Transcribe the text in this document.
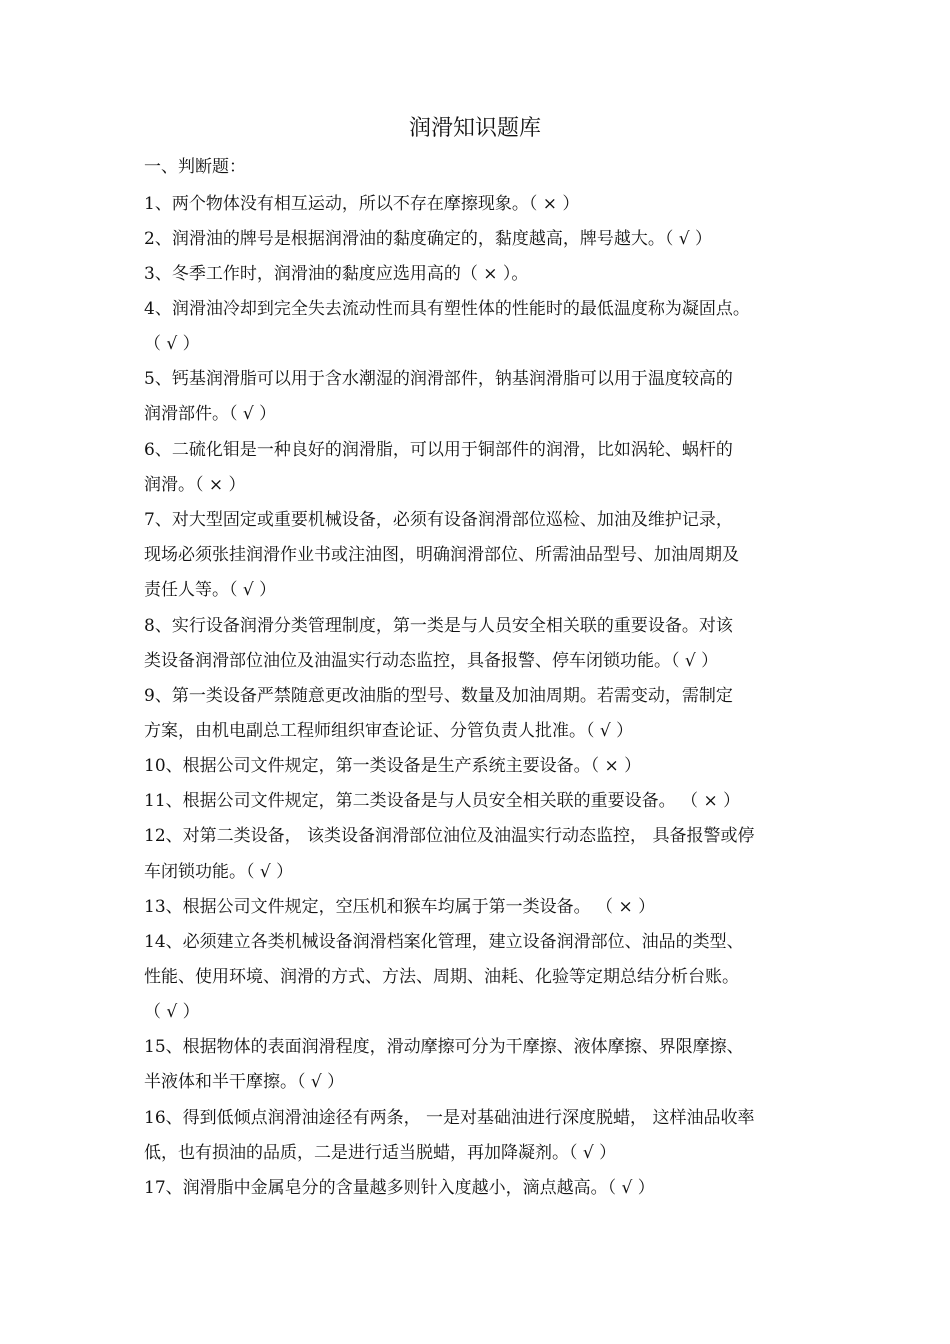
润滑知识题库
一、判断题：
1、两个物体没有相互运动，所以不存在摩擦现象。（ × ）
2、润滑油的牌号是根据润滑油的黏度确定的，黏度越高，牌号越大。（ √ ）
3、冬季工作时，润滑油的黏度应选用高的（ × ）。
4、润滑油冷却到完全失去流动性而具有塑性体的性能时的最低温度称为凝固点。
（ √ ）
5、钙基润滑脂可以用于含水潮湿的润滑部件，钠基润滑脂可以用于温度较高的
润滑部件。（ √ ）
6、二硫化钼是一种良好的润滑脂，可以用于铜部件的润滑，比如涡轮、蜗杆的
润滑。（ × ）
7、对大型固定或重要机械设备，必须有设备润滑部位巡检、加油及维护记录，
现场必须张挂润滑作业书或注油图，明确润滑部位、所需油品型号、加油周期及
责任人等。（ √ ）
8、实行设备润滑分类管理制度，第一类是与人员安全相关联的重要设备。对该
类设备润滑部位油位及油温实行动态监控，具备报警、停车闭锁功能。（ √ ）
9、第一类设备严禁随意更改油脂的型号、数量及加油周期。若需变动，需制定
方案，由机电副总工程师组织审查论证、分管负责人批准。（ √ ）
10、根据公司文件规定，第一类设备是生产系统主要设备。（ × ）
11、根据公司文件规定，第二类设备是与人员安全相关联的重要设备。 （ × ）
12、对第二类设备， 该类设备润滑部位油位及油温实行动态监控， 具备报警或停
车闭锁功能。（ √ ）
13、根据公司文件规定，空压机和猴车均属于第一类设备。 （ × ）
14、必须建立各类机械设备润滑档案化管理，建立设备润滑部位、油品的类型、
性能、使用环境、润滑的方式、方法、周期、油耗、化验等定期总结分析台账。
（ √ ）
15、根据物体的表面润滑程度，滑动摩擦可分为干摩擦、液体摩擦、界限摩擦、
半液体和半干摩擦。（ √ ）
16、得到低倾点润滑油途径有两条， 一是对基础油进行深度脱蜡， 这样油品收率
低，也有损油的品质，二是进行适当脱蜡，再加降凝剂。（ √ ）
17、润滑脂中金属皂分的含量越多则针入度越小，滴点越高。（ √ ）
